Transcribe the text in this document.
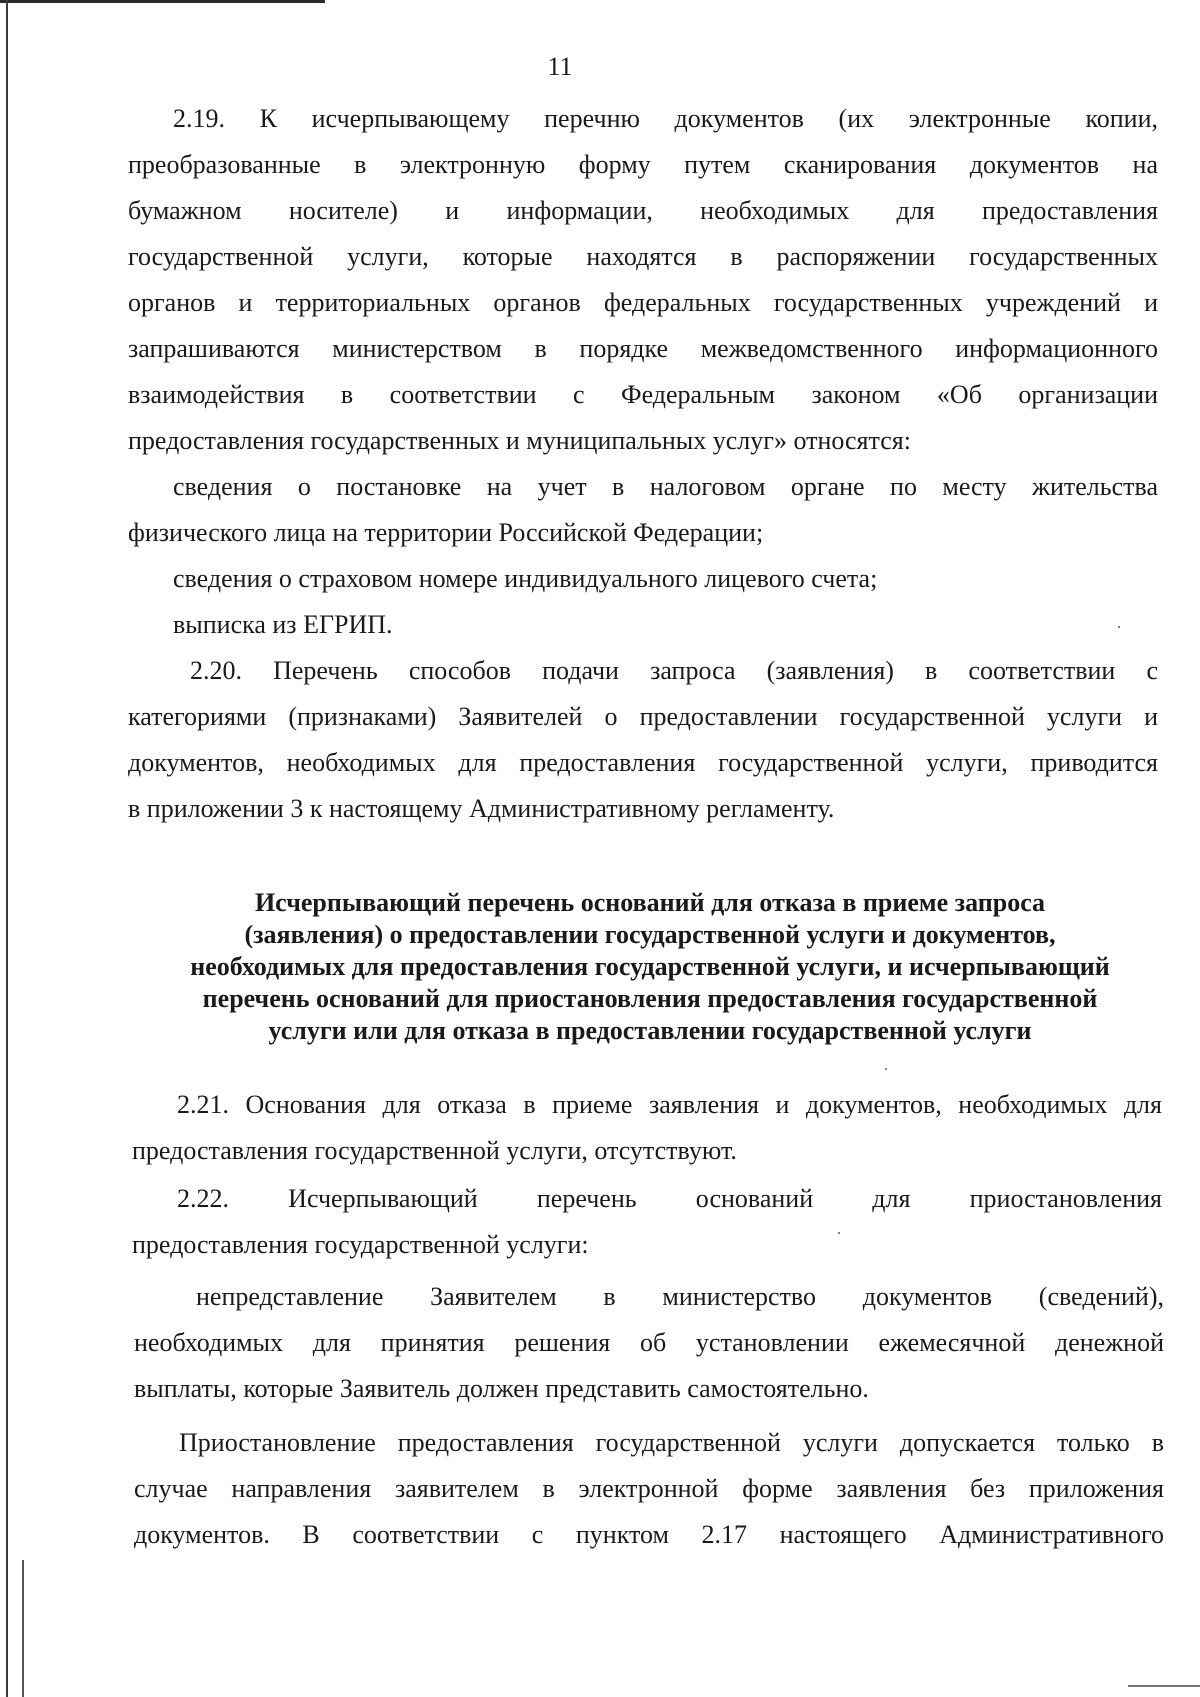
11
2.19. К исчерпывающему перечню документов (их электронные копии,
преобразованные в электронную форму путем сканирования документов на
бумажном носителе) и информации, необходимых для предоставления
государственной услуги, которые находятся в распоряжении государственных
органов и территориальных органов федеральных государственных учреждений и
запрашиваются министерством в порядке межведомственного информационного
взаимодействия в соответствии с Федеральным законом «Об организации
предоставления государственных и муниципальных услуг» относятся:
сведения о постановке на учет в налоговом органе по месту жительства
физического лица на территории Российской Федерации;
сведения о страховом номере индивидуального лицевого счета;
выписка из ЕГРИП.
2.20. Перечень способов подачи запроса (заявления) в соответствии с
категориями (признаками) Заявителей о предоставлении государственной услуги и
документов, необходимых для предоставления государственной услуги, приводится
в приложении 3 к настоящему Административному регламенту.
Исчерпывающий перечень оснований для отказа в приеме запроса
(заявления) о предоставлении государственной услуги и документов,
необходимых для предоставления государственной услуги, и исчерпывающий
перечень оснований для приостановления предоставления государственной
услуги или для отказа в предоставлении государственной услуги
2.21. Основания для отказа в приеме заявления и документов, необходимых для
предоставления государственной услуги, отсутствуют.
2.22. Исчерпывающий перечень оснований для приостановления
предоставления государственной услуги:
непредставление Заявителем в министерство документов (сведений),
необходимых для принятия решения об установлении ежемесячной денежной
выплаты, которые Заявитель должен представить самостоятельно.
Приостановление предоставления государственной услуги допускается только в
случае направления заявителем в электронной форме заявления без приложения
документов. В соответствии с пунктом 2.17 настоящего Административного
